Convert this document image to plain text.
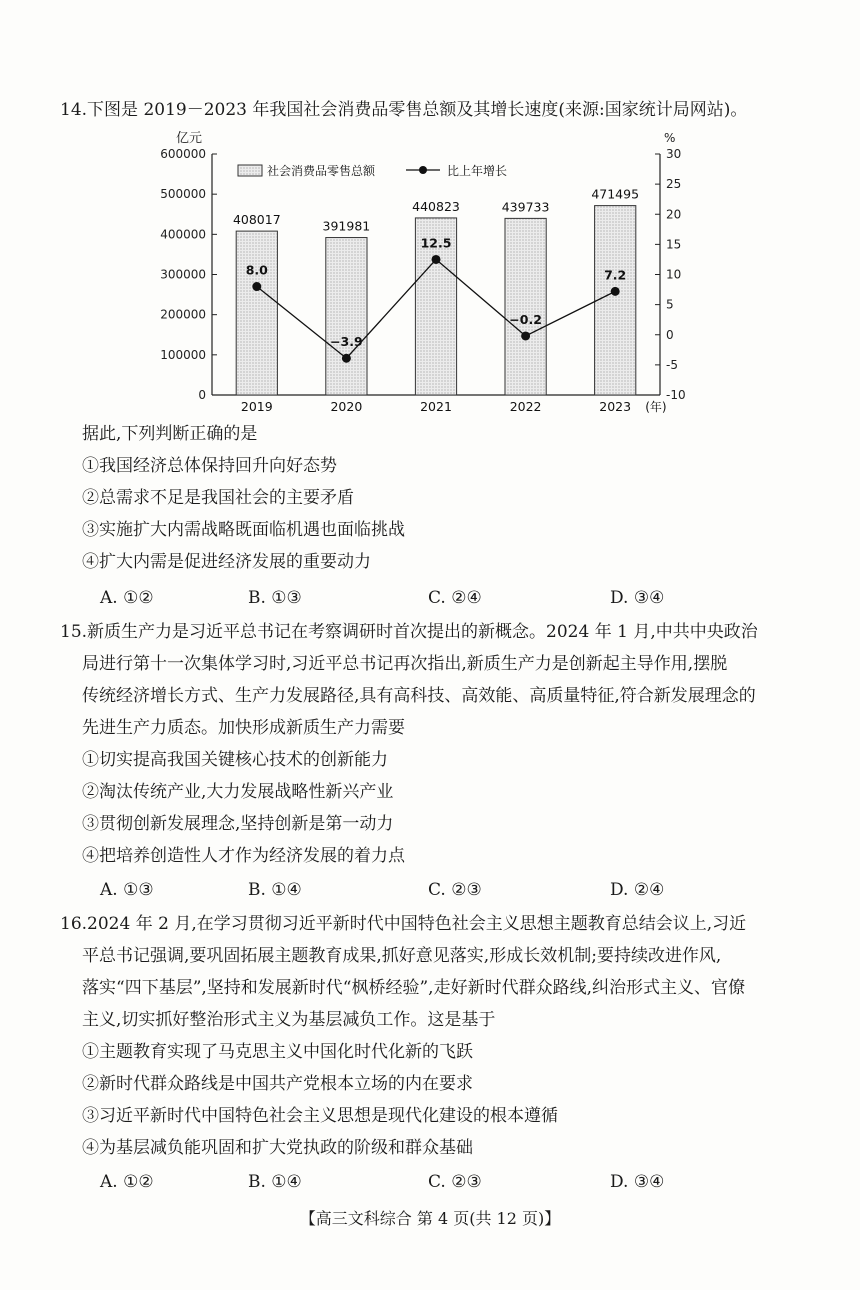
14.下图是 2019－2023 年我国社会消费品零售总额及其增长速度(来源:国家统计局网站)。
0
100000
200000
300000
400000
500000
600000
-10
-5
0
5
10
15
20
25
30
亿元	%
408017	391981
440823	439733
471495
8.0
−3.9
12.5
−0.2
7.2
2019	2020	2021	2022	2023 (年)
社会消费品零售总额	比上年增长
据此,下列判断正确的是
①我国经济总体保持回升向好态势
②总需求不足是我国社会的主要矛盾
③实施扩大内需战略既面临机遇也面临挑战
④扩大内需是促进经济发展的重要动力
A. ①②	B. ①③	C. ②④	D. ③④
15.新质生产力是习近平总书记在考察调研时首次提出的新概念。2024 年 1 月,中共中央政治
局进行第十一次集体学习时,习近平总书记再次指出,新质生产力是创新起主导作用,摆脱
传统经济增长方式、生产力发展路径,具有高科技、高效能、高质量特征,符合新发展理念的
先进生产力质态。加快形成新质生产力需要
①切实提高我国关键核心技术的创新能力
②淘汰传统产业,大力发展战略性新兴产业
③贯彻创新发展理念,坚持创新是第一动力
④把培养创造性人才作为经济发展的着力点
A. ①③	B. ①④	C. ②③	D. ②④
16.2024 年 2 月,在学习贯彻习近平新时代中国特色社会主义思想主题教育总结会议上,习近
平总书记强调,要巩固拓展主题教育成果,抓好意见落实,形成长效机制;要持续改进作风,
落实“四下基层”,坚持和发展新时代“枫桥经验”,走好新时代群众路线,纠治形式主义、官僚
主义,切实抓好整治形式主义为基层减负工作。这是基于
①主题教育实现了马克思主义中国化时代化新的飞跃
②新时代群众路线是中国共产党根本立场的内在要求
③习近平新时代中国特色社会主义思想是现代化建设的根本遵循
④为基层减负能巩固和扩大党执政的阶级和群众基础
A. ①②	B. ①④	C. ②③	D. ③④
【高三文科综合 第 4 页(共 12 页)】
